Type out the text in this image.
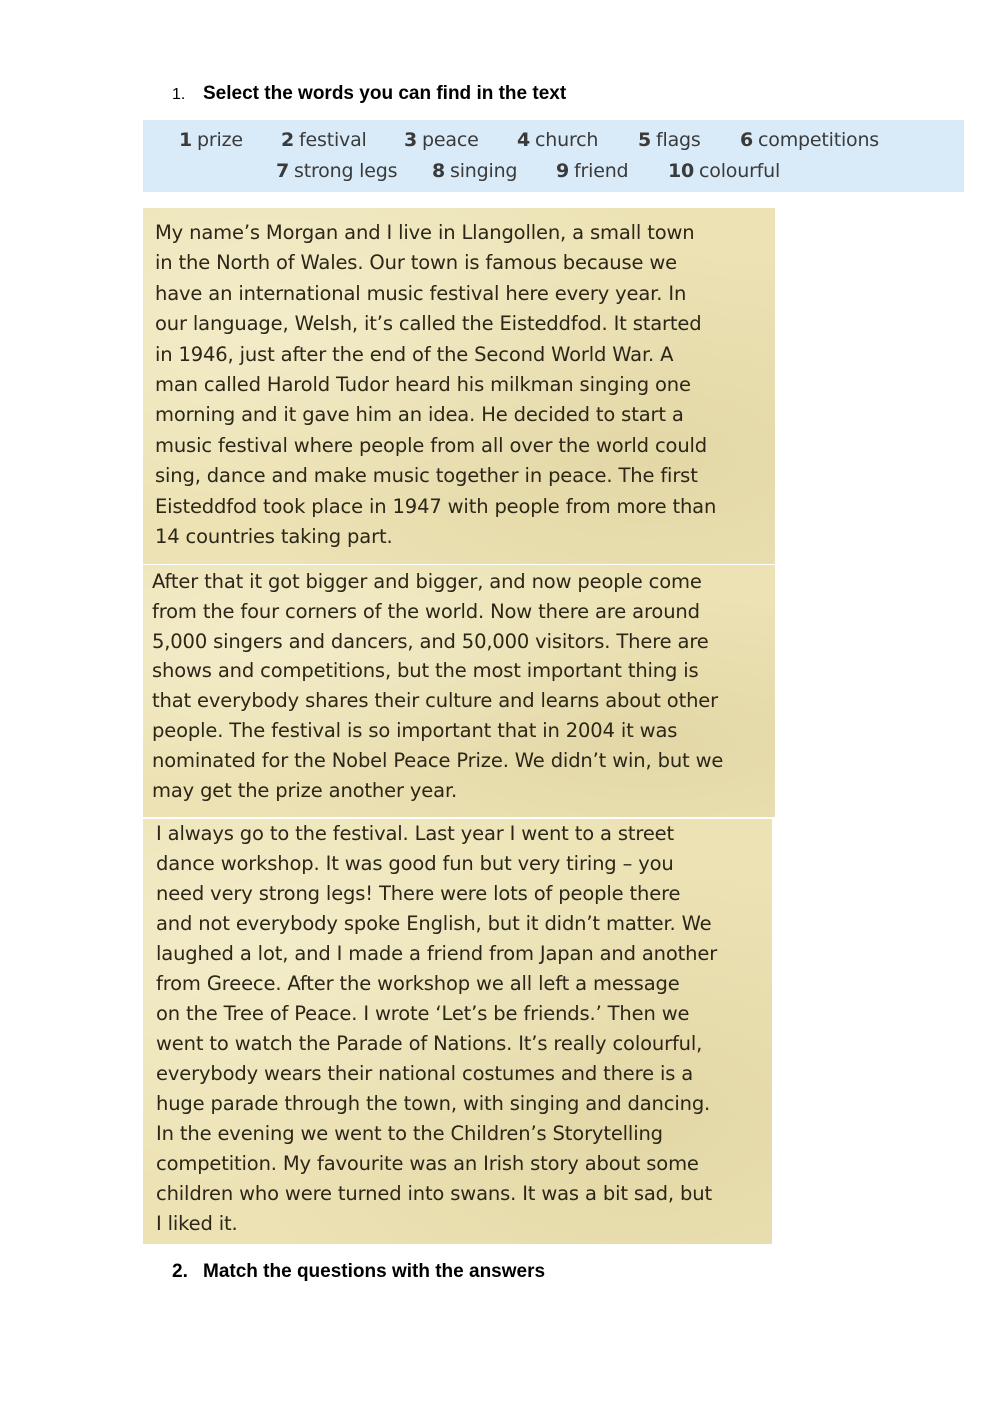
1. Select the words you can find in the text
1 prize 2 festival 3 peace 4 church 5 flags 6 competitions
7 strong legs 8 singing 9 friend 10 colourful
My name’s Morgan and I live in Llangollen, a small town
in the North of Wales. Our town is famous because we
have an international music festival here every year. In
our language, Welsh, it’s called the Eisteddfod. It started
in 1946, just after the end of the Second World War. A
man called Harold Tudor heard his milkman singing one
morning and it gave him an idea. He decided to start a
music festival where people from all over the world could
sing, dance and make music together in peace. The first
Eisteddfod took place in 1947 with people from more than
14 countries taking part.
After that it got bigger and bigger, and now people come
from the four corners of the world. Now there are around
5,000 singers and dancers, and 50,000 visitors. There are
shows and competitions, but the most important thing is
that everybody shares their culture and learns about other
people. The festival is so important that in 2004 it was
nominated for the Nobel Peace Prize. We didn’t win, but we
may get the prize another year.
I always go to the festival. Last year I went to a street
dance workshop. It was good fun but very tiring – you
need very strong legs! There were lots of people there
and not everybody spoke English, but it didn’t matter. We
laughed a lot, and I made a friend from Japan and another
from Greece. After the workshop we all left a message
on the Tree of Peace. I wrote ‘Let’s be friends.’ Then we
went to watch the Parade of Nations. It’s really colourful,
everybody wears their national costumes and there is a
huge parade through the town, with singing and dancing.
In the evening we went to the Children’s Storytelling
competition. My favourite was an Irish story about some
children who were turned into swans. It was a bit sad, but
I liked it.
2. Match the questions with the answers
